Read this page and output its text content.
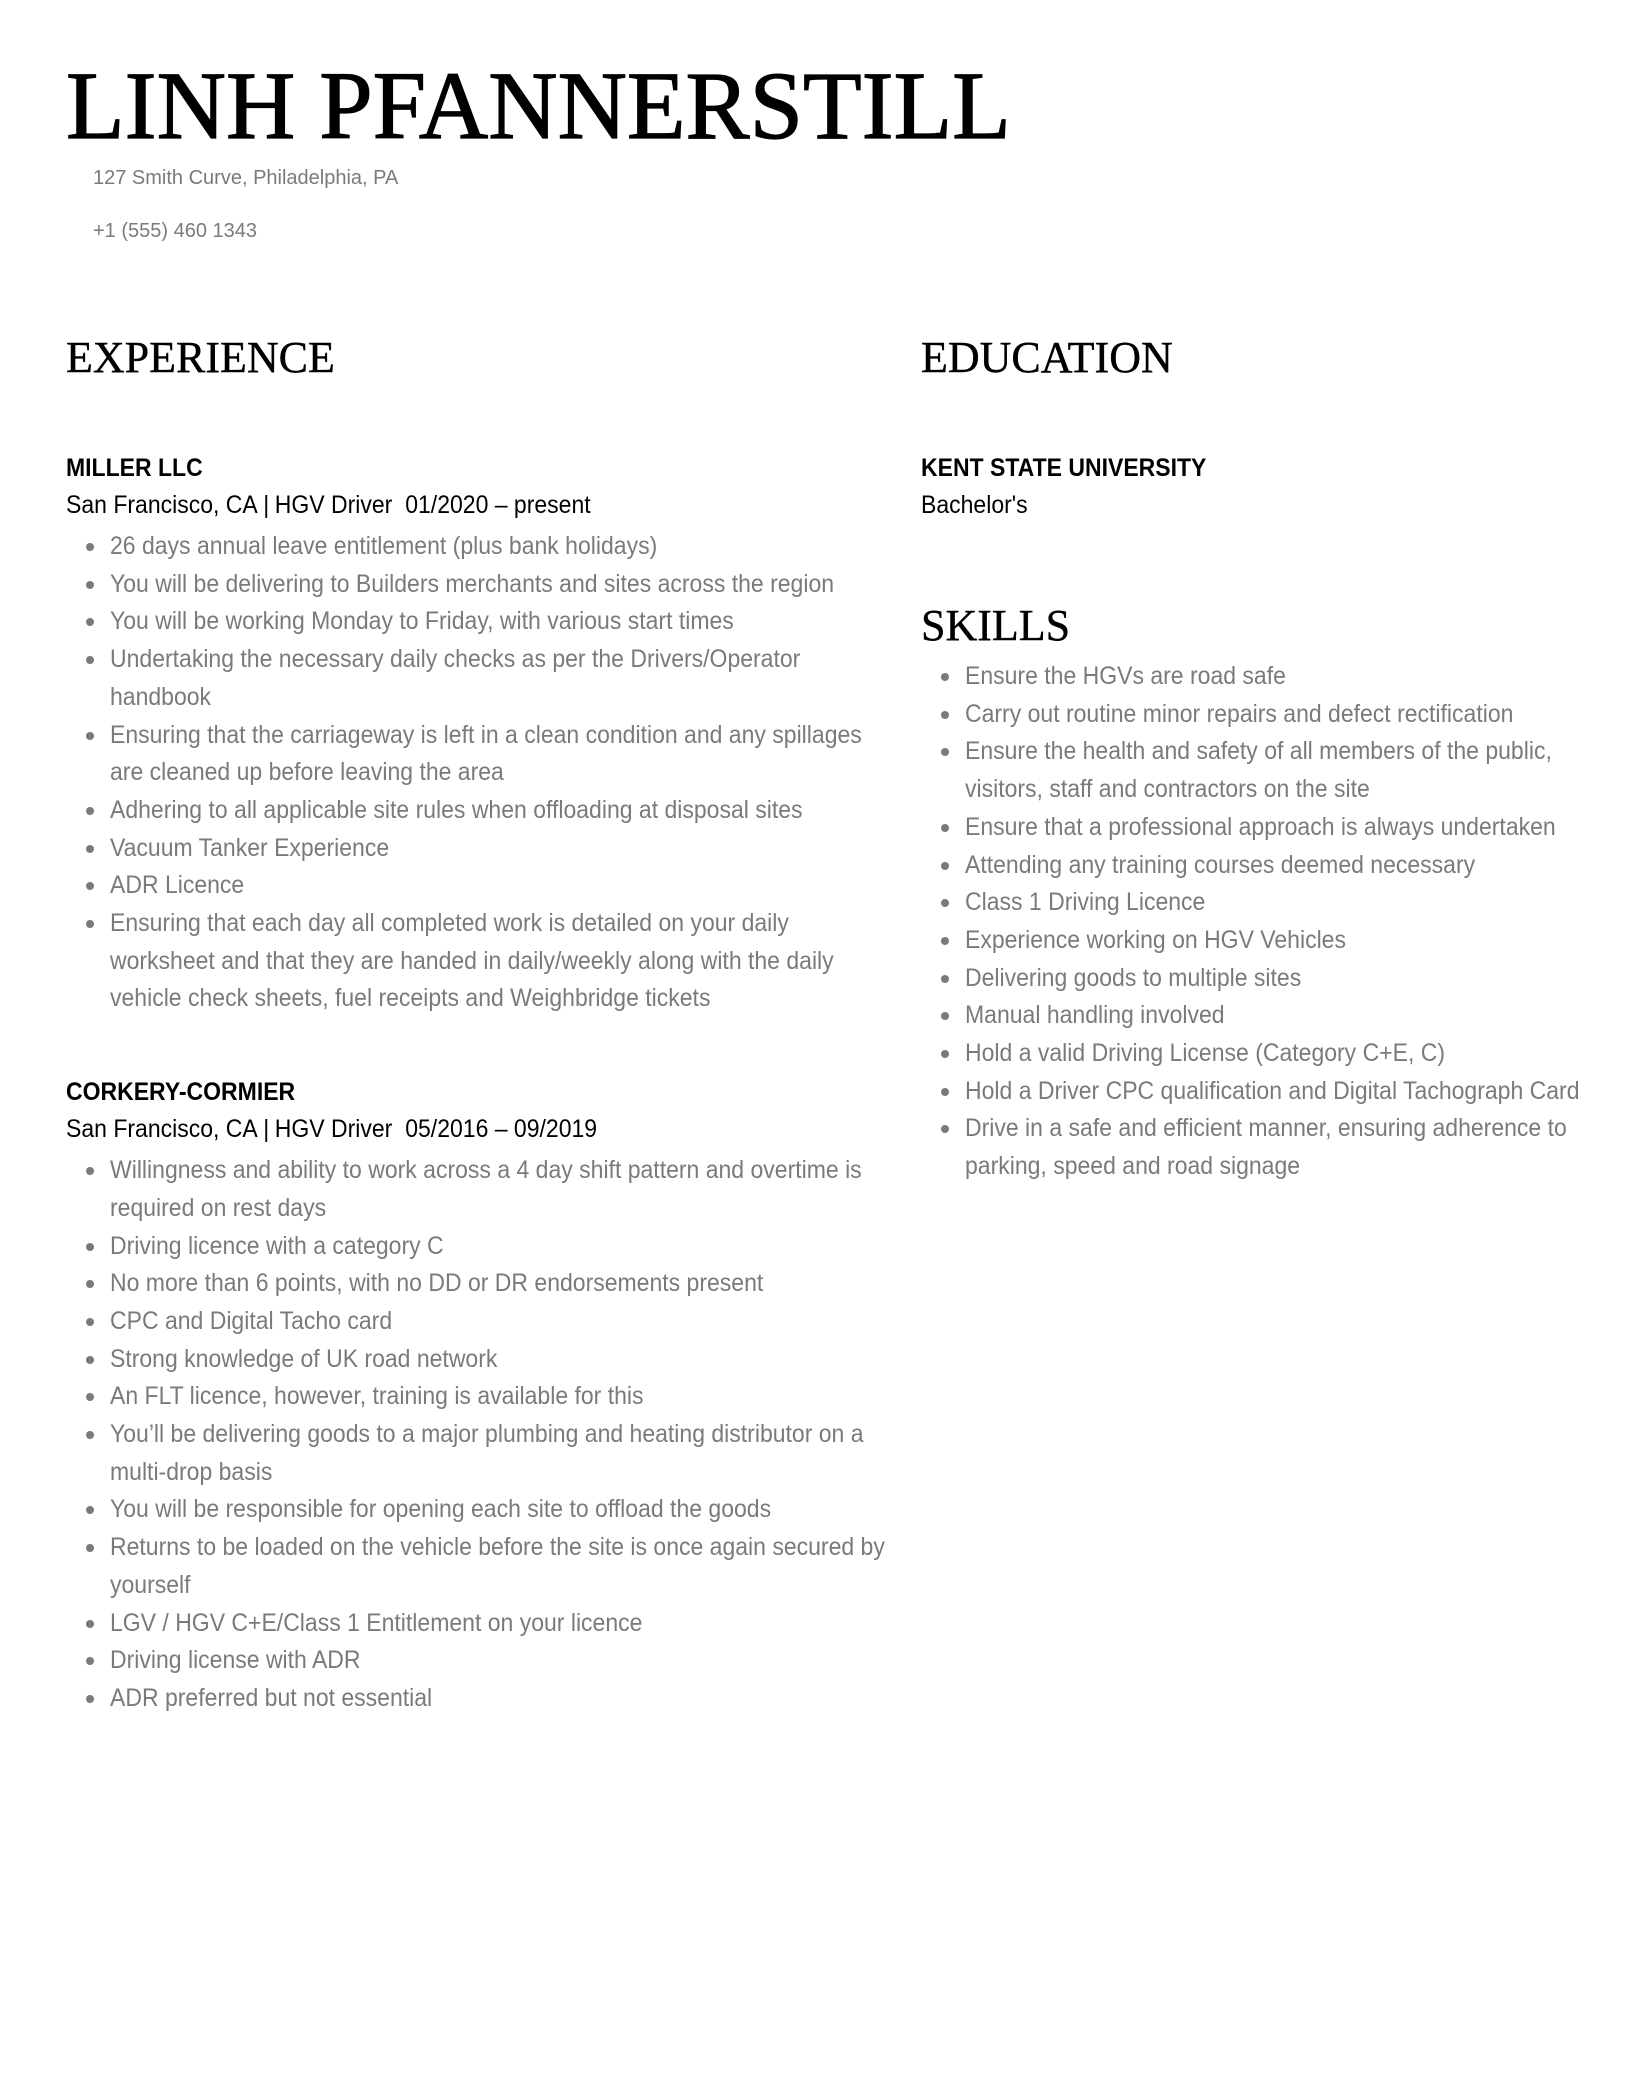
LINH PFANNERSTILL
127 Smith Curve, Philadelphia, PA
+1 (555) 460 1343
EXPERIENCE
MILLER LLC
San Francisco, CA | HGV Driver 01/2020 – present
26 days annual leave entitlement (plus bank holidays)
You will be delivering to Builders merchants and sites across the region
You will be working Monday to Friday, with various start times
Undertaking the necessary daily checks as per the Drivers/Operator handbook
Ensuring that the carriageway is left in a clean condition and any spillages are cleaned up before leaving the area
Adhering to all applicable site rules when offloading at disposal sites
Vacuum Tanker Experience
ADR Licence
Ensuring that each day all completed work is detailed on your daily worksheet and that they are handed in daily/weekly along with the daily vehicle check sheets, fuel receipts and Weighbridge tickets
CORKERY-CORMIER
San Francisco, CA | HGV Driver 05/2016 – 09/2019
Willingness and ability to work across a 4 day shift pattern and overtime is required on rest days
Driving licence with a category C
No more than 6 points, with no DD or DR endorsements present
CPC and Digital Tacho card
Strong knowledge of UK road network
An FLT licence, however, training is available for this
You’ll be delivering goods to a major plumbing and heating distributor on a multi-drop basis
You will be responsible for opening each site to offload the goods
Returns to be loaded on the vehicle before the site is once again secured by yourself
LGV / HGV C+E/Class 1 Entitlement on your licence
Driving license with ADR
ADR preferred but not essential
EDUCATION
KENT STATE UNIVERSITY
Bachelor's
SKILLS
Ensure the HGVs are road safe
Carry out routine minor repairs and defect rectification
Ensure the health and safety of all members of the public, visitors, staff and contractors on the site
Ensure that a professional approach is always undertaken
Attending any training courses deemed necessary
Class 1 Driving Licence
Experience working on HGV Vehicles
Delivering goods to multiple sites
Manual handling involved
Hold a valid Driving License (Category C+E, C)
Hold a Driver CPC qualification and Digital Tachograph Card
Drive in a safe and efficient manner, ensuring adherence to parking, speed and road signage
